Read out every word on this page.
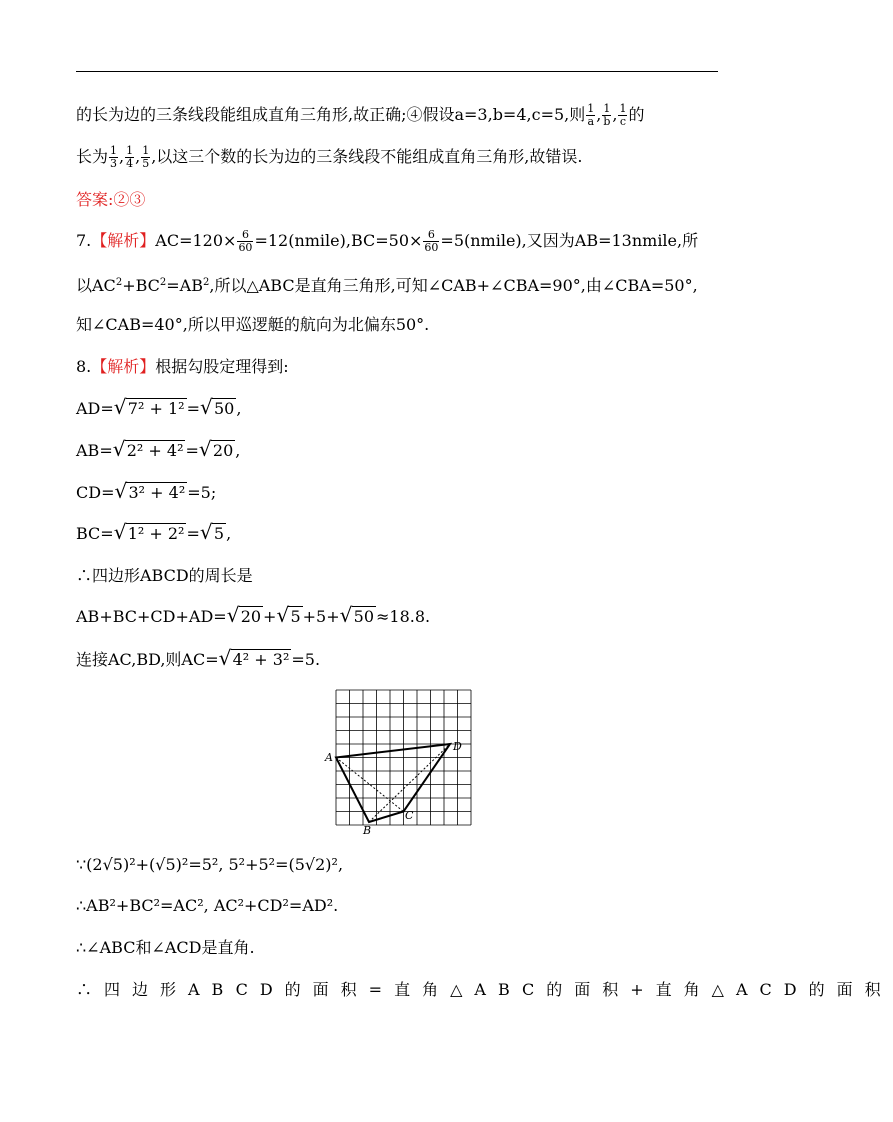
的长为边的三条线段能组成直角三角形,故正确;④假设a=3,b=4,c=5,则 $\frac{1}{a}$ , $\frac{1}{b}$ , $\frac{1}{c}$ 的
长为 $\frac{1}{3}$ , $\frac{1}{4}$ , $\frac{1}{5}$ ,以这三个数的长为边的三条线段不能组成直角三角形,故错误.
答案:②③
7.【解析】$AC=120\times \frac{6}{60}$ =12(nmile),BC=50× $\frac{6}{60}$ =5(nmile),又因为AB=13nmile,所
以$AC^2+BC^2=AB^2$,所以△ABC是直角三角形,可知∠CAB+∠CBA=90°,由∠CBA=50°,
知∠CAB=40°,所以甲巡逻艇的航向为北偏东50°.
8.【解析】根据勾股定理得到:
AD= √ 7² + 1² = √ 50 ,
AB= √ 2² + 4² = √ 20 ,
CD= √ 3² + 4² =5;
BC= √ 1² + 2² = √ 5 ,
∴四边形ABCD的周长是
AB+BC+CD+AD= √ 20 + √ 5 +5+ √ 50 ≈18.8.
连接AC,BD,则AC= √ 4² + 3² =5.
A
D
C
B
∵(2√5)²+(√5)²=5², 5²+5²=(5√2)²,
∴AB²+BC²=AC², AC²+CD²=AD².
∴∠ABC和∠ACD是直角.
∴四边形ABCD的面积=直角△ABC的面积+直角△ACD的面积
